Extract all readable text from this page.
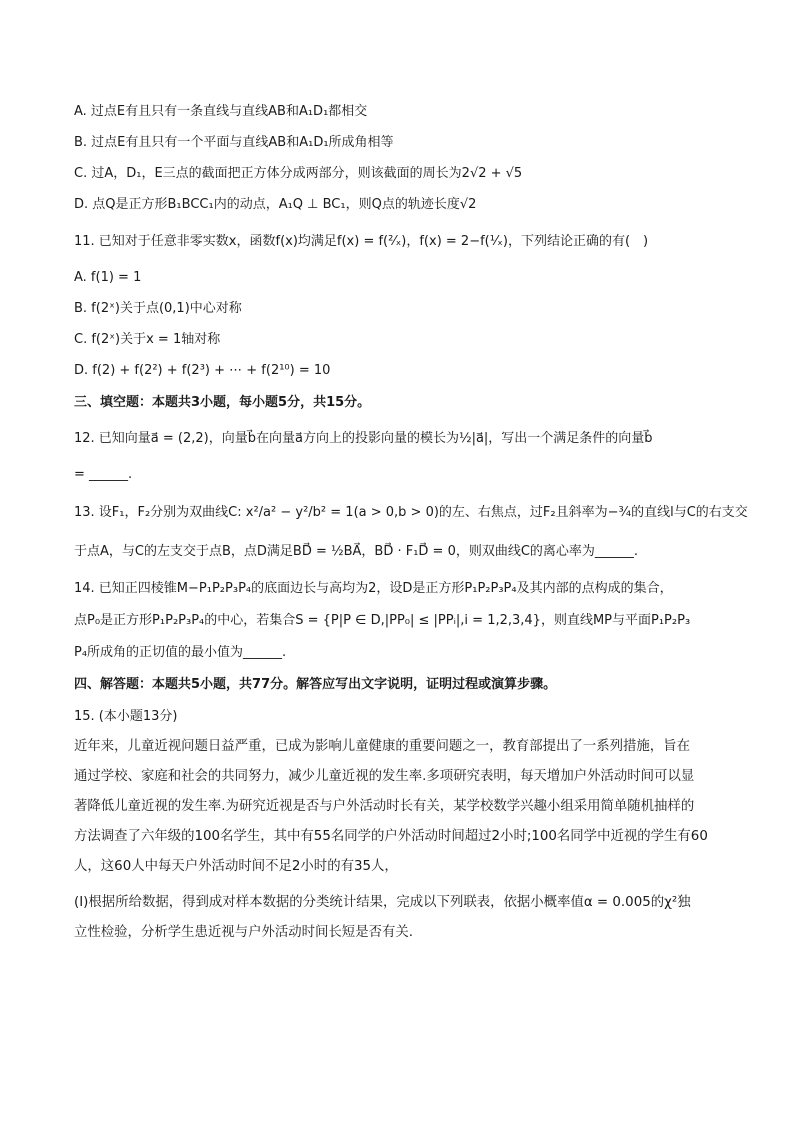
A. 过点E有且只有一条直线与直线AB和A₁D₁都相交
B. 过点E有且只有一个平面与直线AB和A₁D₁所成角相等
C. 过A，D₁，E三点的截面把正方体分成两部分，则该截面的周长为2√2 + √5
D. 点Q是正方形B₁BCC₁内的动点，A₁Q ⊥ BC₁，则Q点的轨迹长度√2
11. 已知对于任意非零实数x，函数f(x)均满足f(x) = f(²⁄ₓ)，f(x) = 2−f(¹⁄ₓ)，下列结论正确的有(　)
A. f(1) = 1
B. f(2ˣ)关于点(0,1)中心对称
C. f(2ˣ)关于x = 1轴对称
D. f(2) + f(2²) + f(2³) + ⋯ + f(2¹⁰) = 10
三、填空题：本题共3小题，每小题5分，共15分。
12. 已知向量a⃗ = (2,2)，向量b⃗在向量a⃗方向上的投影向量的模长为½|a⃗|，写出一个满足条件的向量b⃗
= ______.
13. 设F₁，F₂分别为双曲线C: x²/a² − y²/b² = 1(a > 0,b > 0)的左、右焦点，过F₂且斜率为−¾的直线l与C的右支交
于点A，与C的左支交于点B，点D满足BD⃗ = ½BA⃗，BD⃗ · F₁D⃗ = 0，则双曲线C的离心率为______.
14. 已知正四棱锥M−P₁P₂P₃P₄的底面边长与高均为2，设D是正方形P₁P₂P₃P₄及其内部的点构成的集合，
点P₀是正方形P₁P₂P₃P₄的中心，若集合S = {P|P ∈ D,|PP₀| ≤ |PPᵢ|,i = 1,2,3,4}，则直线MP与平面P₁P₂P₃
P₄所成角的正切值的最小值为______.
四、解答题：本题共5小题，共77分。解答应写出文字说明，证明过程或演算步骤。
15. (本小题13分)
近年来，儿童近视问题日益严重，已成为影响儿童健康的重要问题之一，教育部提出了一系列措施，旨在
通过学校、家庭和社会的共同努力，减少儿童近视的发生率.多项研究表明，每天增加户外活动时间可以显
著降低儿童近视的发生率.为研究近视是否与户外活动时长有关，某学校数学兴趣小组采用简单随机抽样的
方法调查了六年级的100名学生，其中有55名同学的户外活动时间超过2小时;100名同学中近视的学生有60
人，这60人中每天户外活动时间不足2小时的有35人，
(Ⅰ)根据所给数据，得到成对样本数据的分类统计结果，完成以下列联表，依据小概率值α = 0.005的χ²独
立性检验，分析学生患近视与户外活动时间长短是否有关.
